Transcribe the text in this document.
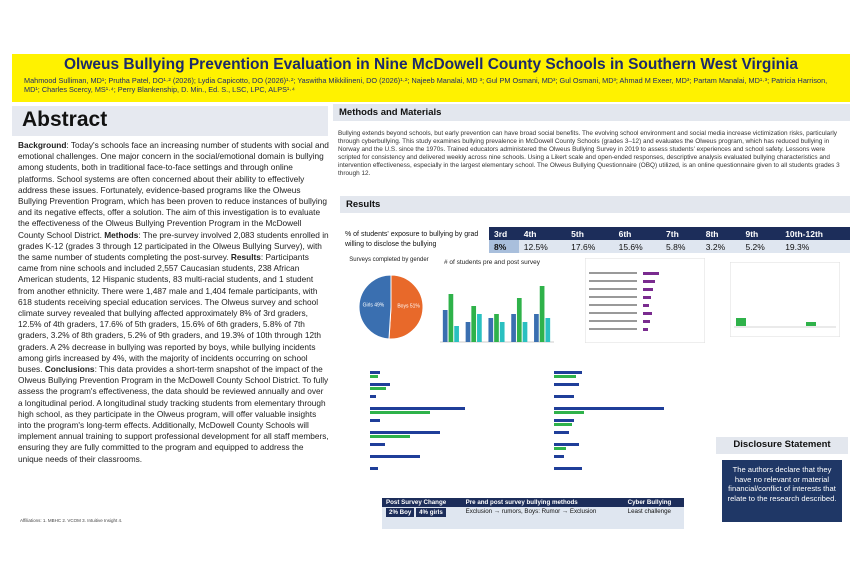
Olweus Bullying Prevention Evaluation in Nine McDowell County Schools in Southern West Virginia
Mahmood Sulliman, MD¹; Prutha Patel, DO¹·² (2026); Lydia Capicotto, DO (2026)¹·²; Yaswitha Mikkilineni, DO (2026)¹·²; Najeeb Manalai, MD ³; Gul PM Osmani, MD³; Gul Osmani, MD³; Ahmad M Exeer, MD³; Partam Manalai, MD¹·³; Patricia Harrison, MD¹; Charles Scercy, MS¹·⁴; Perry Blankenship, D. Min., Ed. S., LSC, LPC, ALPS¹·⁴
Abstract
Background: Today's schools face an increasing number of students with social and emotional challenges. One major concern in the social/emotional domain is bullying among students, both in traditional face-to-face settings and through online platforms. School systems are often concerned about their ability to effectively address these issues. Fortunately, evidence-based programs like the Olweus Bullying Prevention Program, which has been proven to reduce instances of bullying and its negative effects, offer a solution. The aim of this investigation is to evaluate the effectiveness of the Olweus Bullying Prevention Program in the McDowell County School District. Methods: The pre-survey involved 2,083 students enrolled in grades K-12 (grades 3 through 12 participated in the Olweus Bullying Survey), with the same number of students completing the post-survey. Results: Participants came from nine schools and included 2,557 Caucasian students, 238 African American students, 12 Hispanic students, 83 multi-racial students, and 1 student from another ethnicity. There were 1,487 male and 1,404 female participants, with 618 students receiving special education services. The Olweus survey and school climate survey revealed that bullying affected approximately 8% of 3rd graders, 12.5% of 4th graders, 17.6% of 5th graders, 15.6% of 6th graders, 5.8% of 7th graders, 3.2% of 8th graders, 5.2% of 9th graders, and 19.3% of 10th through 12th graders. A 2% decrease in bullying was reported by boys, while bullying incidents among girls increased by 4%, with the majority of incidents occurring on school buses. Conclusions: This data provides a short-term snapshot of the impact of the Olweus Bullying Prevention Program in the McDowell County School District. To fully assess the program's effectiveness, the data should be reviewed annually and over a longitudinal period. A longitudinal study tracking students from elementary through high school, as they participate in the Olweus program, will offer valuable insights into the program's long-term effects. Additionally, McDowell County Schools will implement annual training to support professional development for all staff members, ensuring they are fully committed to the program and equipped to address the unique needs of their classrooms.
Affiliations: 1. MBHC 2. VCOM 3. Intuitive Insight 4.
Methods and Materials
Bullying extends beyond schools, but early prevention can have broad social benefits. The evolving school environment and social media increase victimization risks, particularly through cyberbullying. This study examines bullying prevalence in McDowell County Schools (grades 3–12) and evaluates the Olweus program, which has reduced bullying in Norway and the U.S. since the 1970s. Trained educators administered the Olweus Bullying Survey in 2019 to assess students' experiences and school safety. Lessons were scripted for consistency and delivered weekly across nine schools. Using a Likert scale and open-ended responses, descriptive analysis evaluated bullying characteristics and intervention effectiveness, especially in the largest elementary school. The Olweus Bullying Questionnaire (OBQ) utilized, is an online questionnaire given to all students grades 3 through 12.
Results
% of students' exposure to bullying by grad willing to disclose the bullying
3rd	4th	5th	6th	7th	8th	9th	10th-12th
8%	12.5%	17.6%	15.6%	5.8%	3.2%	5.2%	19.3%
Surveys completed by gender
Boys 51%
Girls 49%
# of students pre and post survey
Post Survey Change	Pre and post survey bullying methods	Cyber Bullying
2% Boy 4% girls	Exclusion → rumors, Boys: Rumor → Exclusion	Least challenge
Disclosure Statement
The authors declare that they have no relevant or material financial/conflict of interests that relate to the research described.
